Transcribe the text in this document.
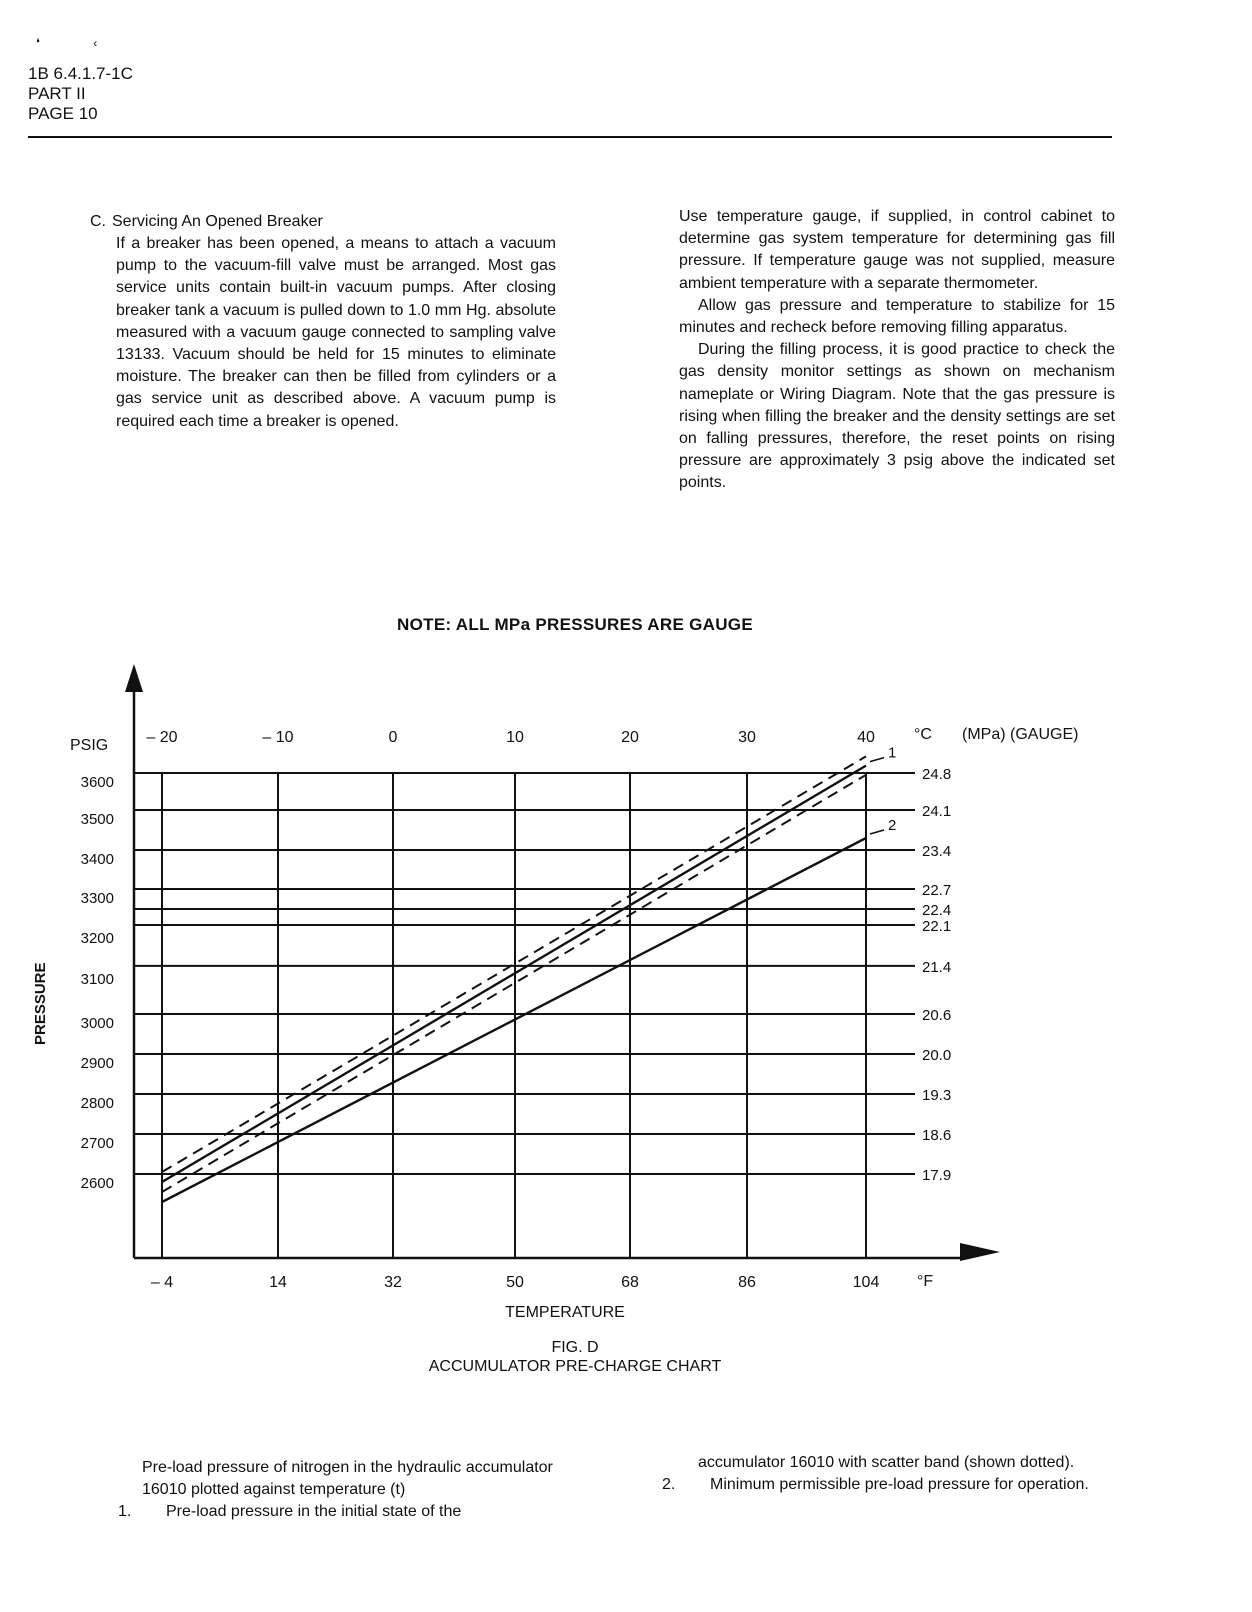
❛	‹
1B 6.4.1.7-1C
PART II
PAGE 10
C. Servicing An Opened Breaker
If a breaker has been opened, a means to attach a vacuum pump to the vacuum-fill valve must be arranged. Most gas service units contain built-in vacuum pumps. After closing breaker tank a vacuum is pulled down to 1.0 mm Hg. absolute measured with a vacuum gauge connected to sampling valve 13133. Vacuum should be held for 15 minutes to eliminate moisture. The breaker can then be filled from cylinders or a gas service unit as described above. A vacuum pump is required each time a breaker is opened.
Use temperature gauge, if supplied, in control cabinet to determine gas system temperature for determining gas fill pressure. If temperature gauge was not supplied, measure ambient temperature with a separate thermometer.
Allow gas pressure and temperature to stabilize for 15 minutes and recheck before removing filling apparatus.
During the filling process, it is good practice to check the gas density monitor settings as shown on mechanism nameplate or Wiring Diagram. Note that the gas pressure is rising when filling the breaker and the density settings are set on falling pressures, therefore, the reset points on rising pressure are approximately 3 psig above the indicated set points.
NOTE: ALL MPa PRESSURES ARE GAUGE
PSIG
°F
°C (MPa) (GAUGE)
PRESSURE
TEMPERATURE
24.8
24.1
23.4
22.7
22.4
22.1
21.4
20.6
20.0
19.3
18.6
17.9
2600
2700
2800
2900
3000
3100
3200
3300
3400
3500
3600
– 4	14	32	50	68	86	104
– 20	– 10	0	10	20	30	40
1
2
FIG. D
ACCUMULATOR PRE-CHARGE CHART
Pre-load pressure of nitrogen in the hydraulic accumulator 16010 plotted against temperature (t)
1. Pre-load pressure in the initial state of the
accumulator 16010 with scatter band (shown dotted).
2. Minimum permissible pre-load pressure for operation.
